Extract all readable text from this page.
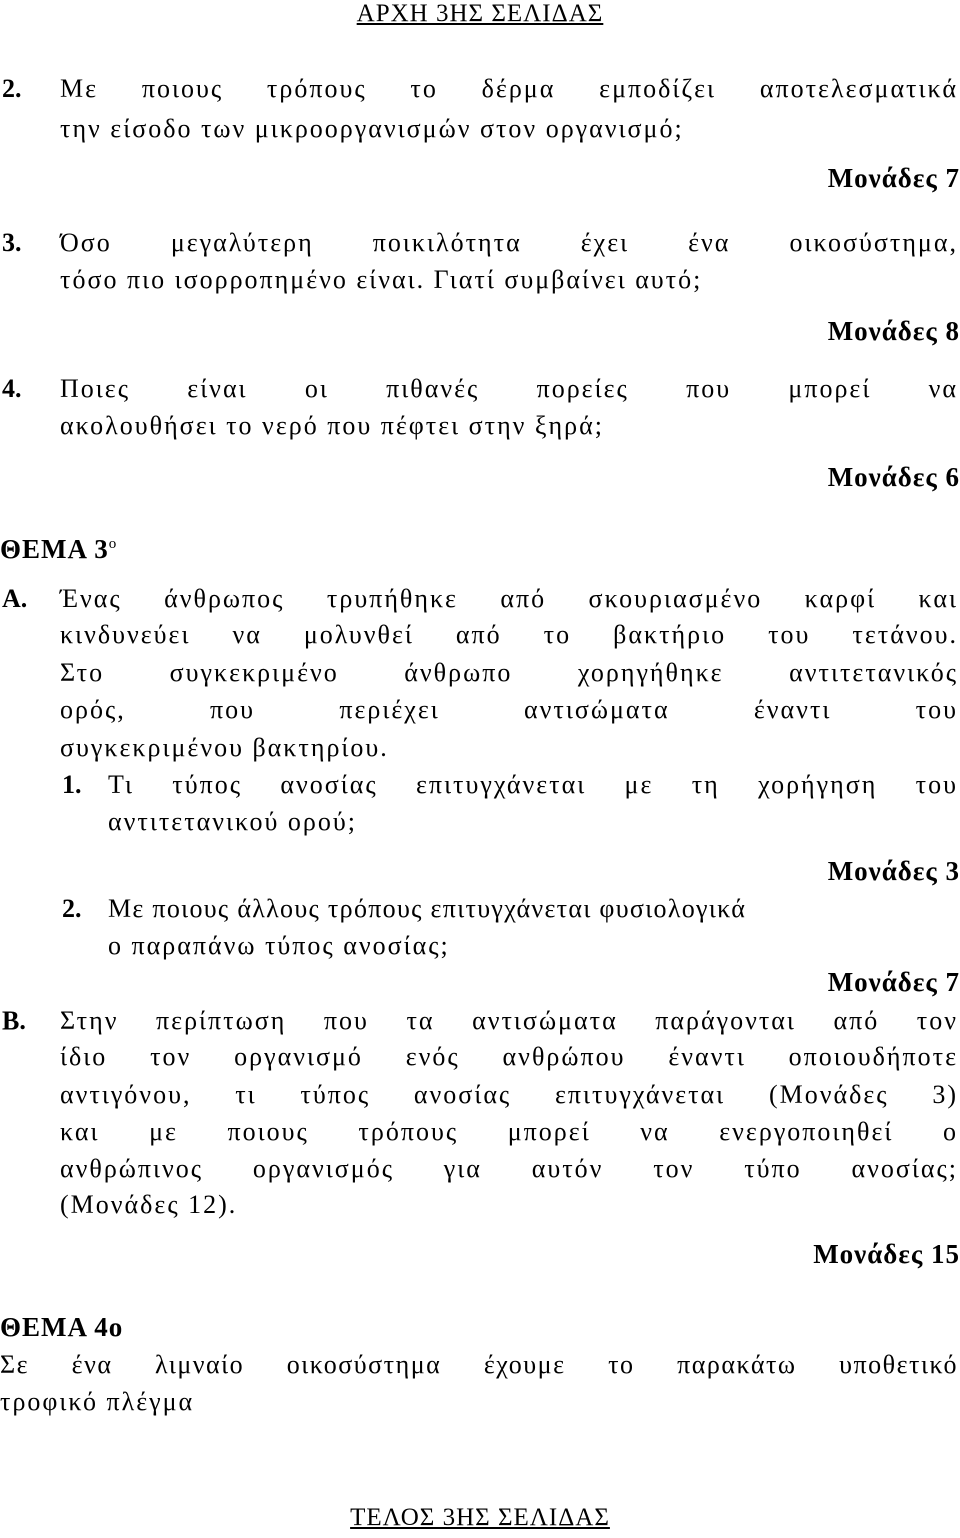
ΑΡΧΗ 3ΗΣ ΣΕΛΙΔΑΣ
2. Με ποιους τρόπους το δέρμα εμποδίζει αποτελεσματικά
την είσοδο των μικροοργανισμών στον οργανισμό;
Μονάδες 7
3. Όσο μεγαλύτερη ποικιλότητα έχει ένα οικοσύστημα,
τόσο πιο ισορροπημένο είναι. Γιατί συμβαίνει αυτό;
Μονάδες 8
4. Ποιες είναι οι πιθανές πορείες που μπορεί να
ακολουθήσει το νερό που πέφτει στην ξηρά;
Μονάδες 6
ΘΕΜΑ $3^o$
Α. Ένας άνθρωπος τρυπήθηκε από σκουριασμένο καρφί και
κινδυνεύει να μολυνθεί από το βακτήριο του τετάνου.
Στο συγκεκριμένο άνθρωπο χορηγήθηκε αντιτετανικός
ορός, που περιέχει αντισώματα έναντι του
συγκεκριμένου βακτηρίου.
1. Τι τύπος ανοσίας επιτυγχάνεται με τη χορήγηση του
αντιτετανικού ορού;
Μονάδες 3
2. Με ποιους άλλους τρόπους επιτυγχάνεται φυσιολογικά
ο παραπάνω τύπος ανοσίας;
Μονάδες 7
Β. Στην περίπτωση που τα αντισώματα παράγονται από τον
ίδιο τον οργανισμό ενός ανθρώπου έναντι οποιουδήποτε
αντιγόνου, τι τύπος ανοσίας επιτυγχάνεται (Μονάδες 3)
και με ποιους τρόπους μπορεί να ενεργοποιηθεί ο
ανθρώπινος οργανισμός για αυτόν τον τύπο ανοσίας;
(Μονάδες 12).
Μονάδες 15
ΘΕΜΑ 4ο
Σε ένα λιμναίο οικοσύστημα έχουμε το παρακάτω υποθετικό
τροφικό πλέγμα
ΤΕΛΟΣ 3ΗΣ ΣΕΛΙΔΑΣ
